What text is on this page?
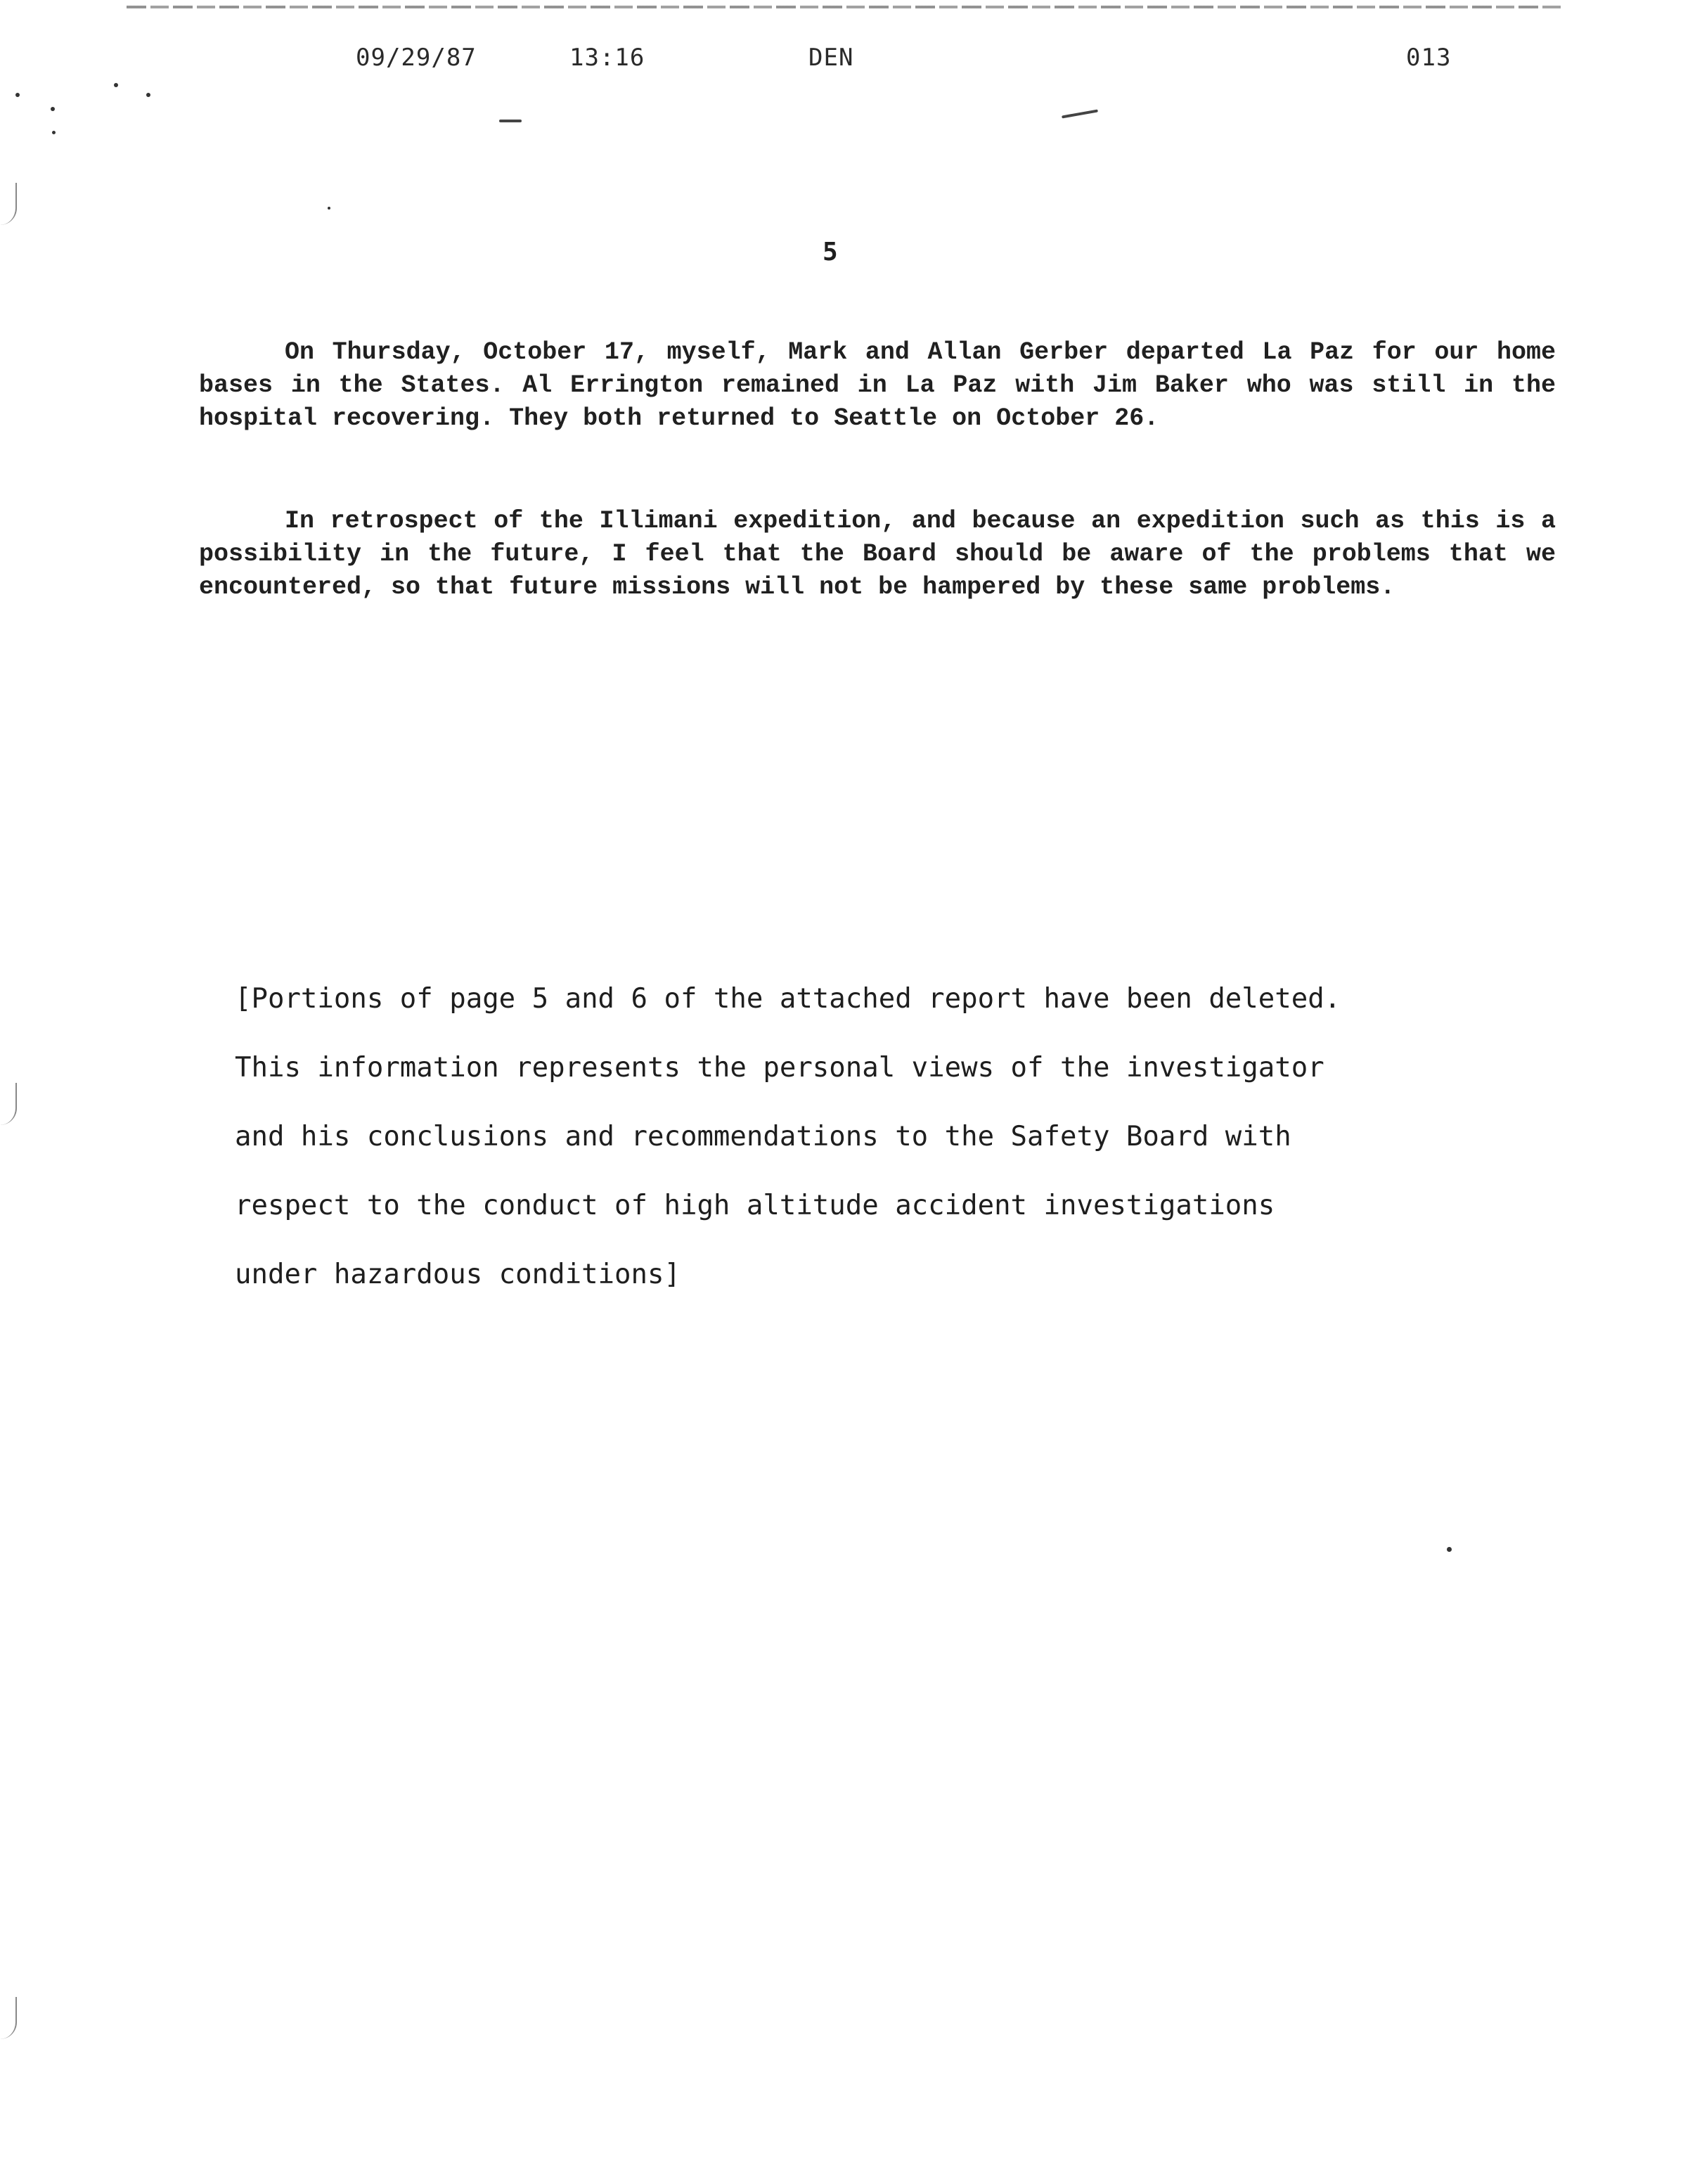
09/29/87	13:16	DEN	013
5

On Thursday, October 17, myself, Mark and Allan Gerber departed La Paz for our home bases in the States. Al Errington remained in La Paz with Jim Baker who was still in the hospital recovering. They both returned to Seattle on October 26.

In retrospect of the Illimani expedition, and because an expedition such as this is a possibility in the future, I feel that the Board should be aware of the problems that we encountered, so that future missions will not be hampered by these same problems.

[Portions of page 5 and 6 of the attached report have been deleted.
This information represents the personal views of the investigator
and his conclusions and recommendations to the Safety Board with
respect to the conduct of high altitude accident investigations
under hazardous conditions]
